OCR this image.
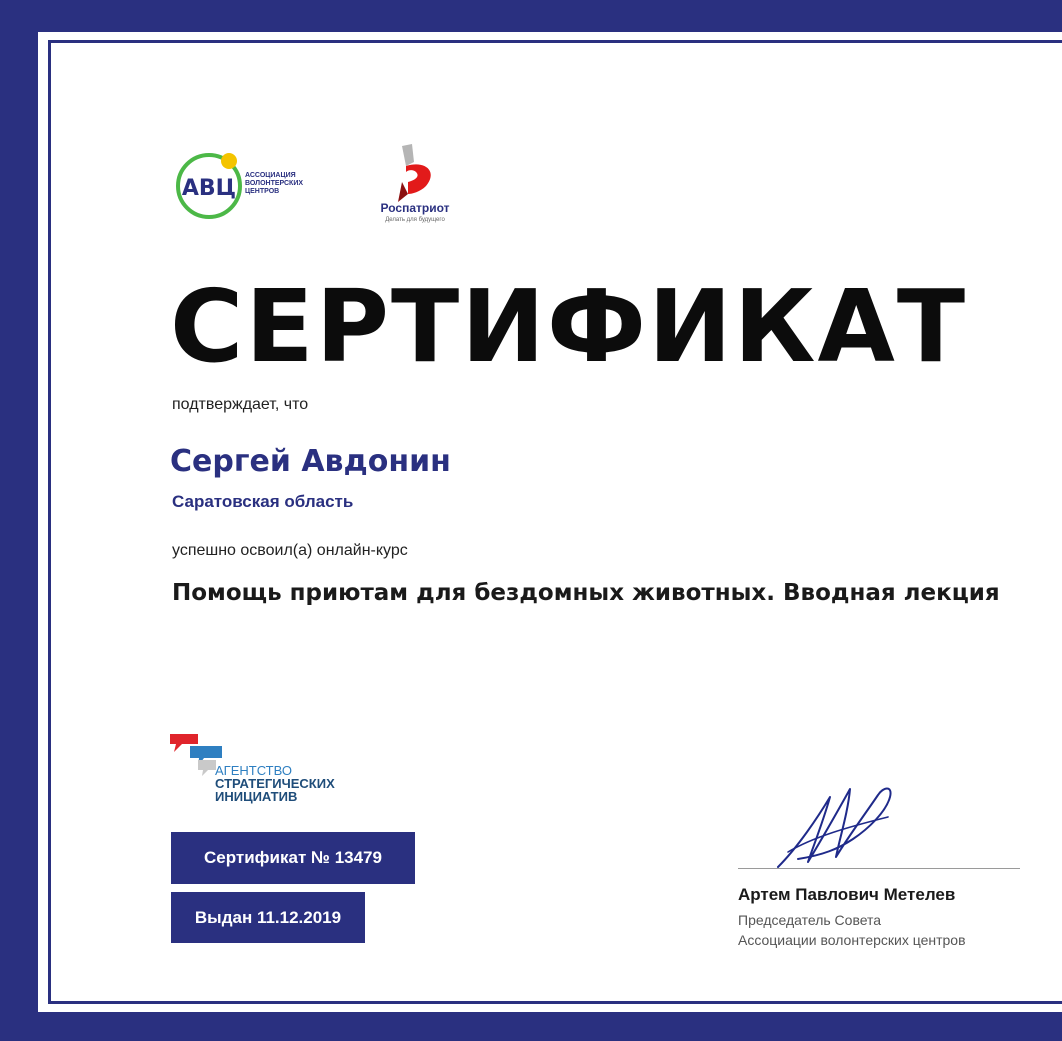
АВЦ
АССОЦИАЦИЯ
ВОЛОНТЕРСКИХ
ЦЕНТРОВ
Роспатриот
Делать для будущего
СЕРТИФИКАТ
подтверждает, что
Сергей Авдонин
Саратовская область
успешно освоил(а) онлайн-курс
Помощь приютам для бездомных животных. Вводная лекция
АГЕНТСТВО
СТРАТЕГИЧЕСКИХ
ИНИЦИАТИВ
Сертификат № 13479
Выдан 11.12.2019
Артем Павлович Метелев
Председатель Совета
Ассоциации волонтерских центров
